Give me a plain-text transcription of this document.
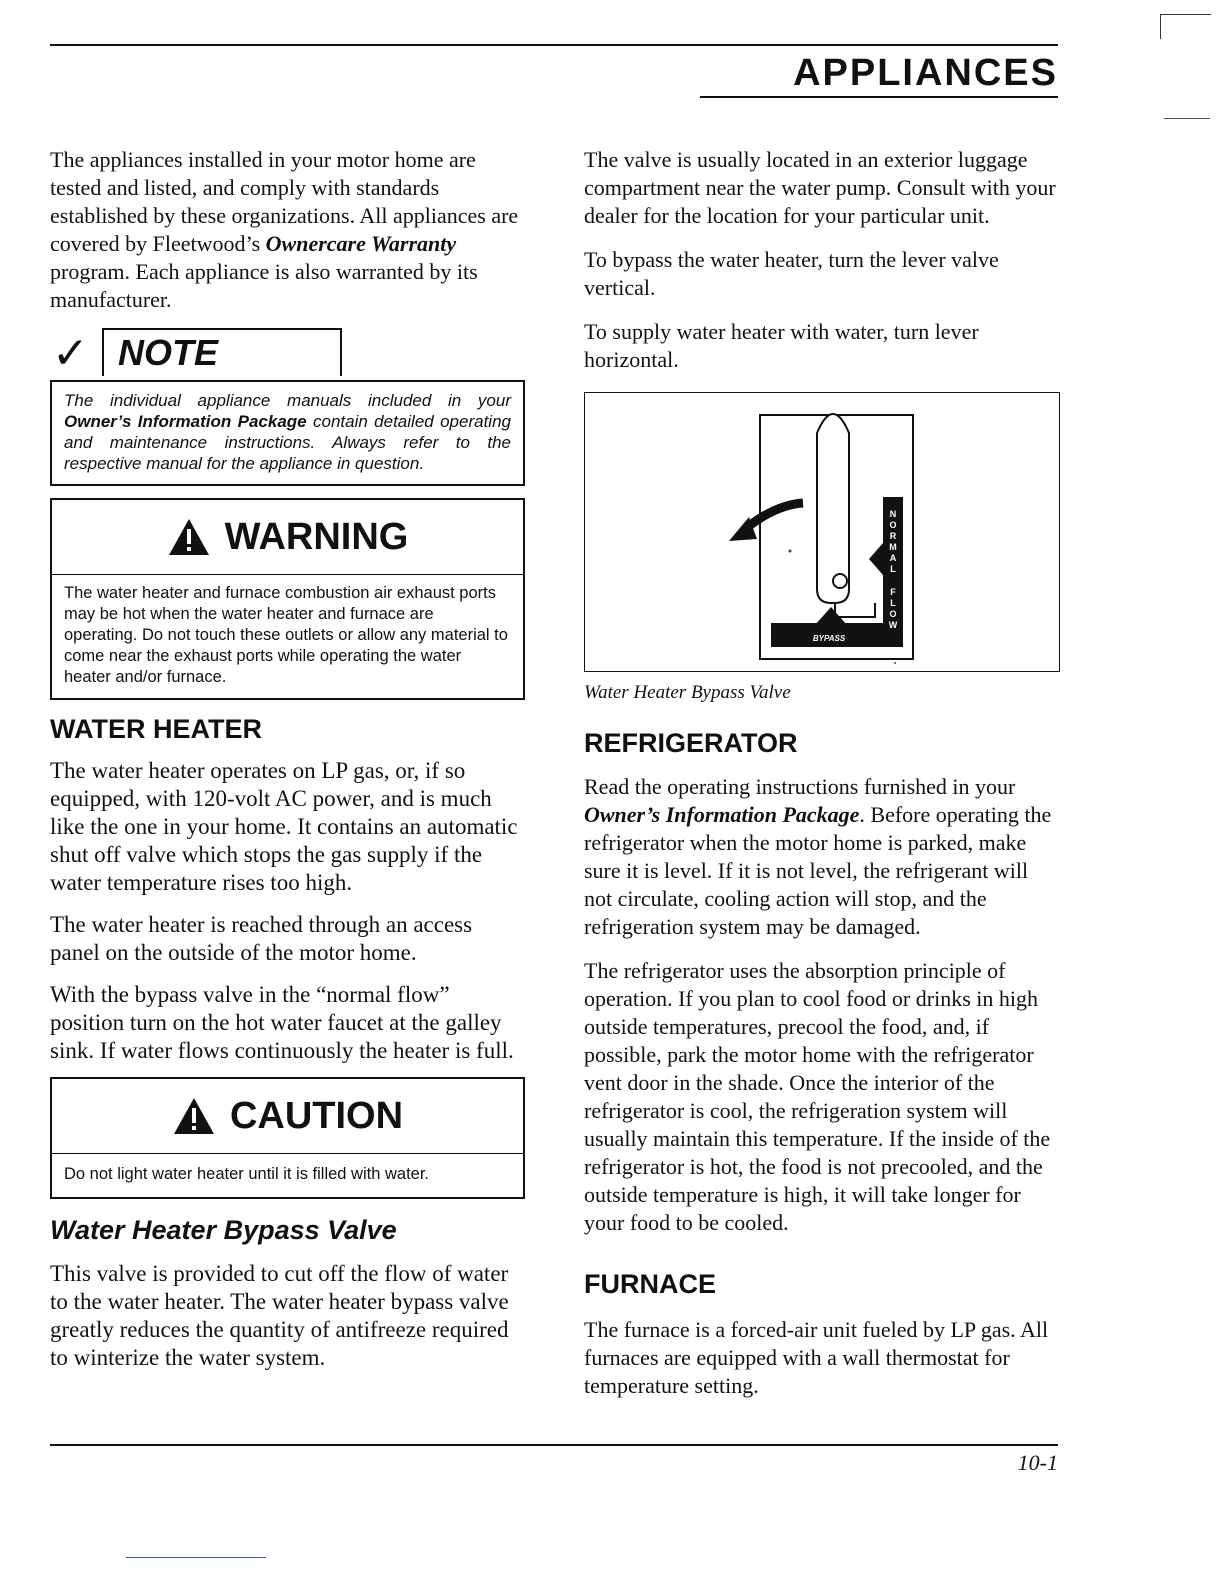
APPLIANCES

The appliances installed in your motor home are tested and listed, and comply with standards established by these organizations. All appliances are covered by Fleetwood’s Ownercare Warranty program. Each appliance is also warranted by its manufacturer.

✓ NOTE
The individual appliance manuals included in your Owner’s Information Package contain detailed operating and maintenance instructions. Always refer to the respective manual for the appliance in question.
WARNING
The water heater and furnace combustion air exhaust ports may be hot when the water heater and furnace are operating. Do not touch these outlets or allow any material to come near the exhaust ports while operating the water heater and/or furnace.
WATER HEATER

The water heater operates on LP gas, or, if so equipped, with 120-volt AC power, and is much like the one in your home. It contains an automatic shut off valve which stops the gas supply if the water temperature rises too high.

The water heater is reached through an access panel on the outside of the motor home.

With the bypass valve in the “normal flow” position turn on the hot water faucet at the galley sink. If water flows continuously the heater is full.

CAUTION
Do not light water heater until it is filled with water.
Water Heater Bypass Valve

This valve is provided to cut off the flow of water to the water heater. The water heater bypass valve greatly reduces the quantity of antifreeze required to winterize the water system.

The valve is usually located in an exterior luggage compartment near the water pump. Consult with your dealer for the location for your particular unit.

To bypass the water heater, turn the lever valve vertical.

To supply water heater with water, turn lever horizontal.

N
O
R
M
A
L
F
L
O
W
BYPASS
Water Heater Bypass Valve
REFRIGERATOR

Read the operating instructions furnished in your Owner’s Information Package. Before operating the refrigerator when the motor home is parked, make sure it is level. If it is not level, the refrigerant will not circulate, cooling action will stop, and the refrigeration system may be damaged.

The refrigerator uses the absorption principle of operation. If you plan to cool food or drinks in high outside temperatures, precool the food, and, if possible, park the motor home with the refrigerator vent door in the shade. Once the interior of the refrigerator is cool, the refrigeration system will usually maintain this temperature. If the inside of the refrigerator is hot, the food is not precooled, and the outside temperature is high, it will take longer for your food to be cooled.

FURNACE

The furnace is a forced-air unit fueled by LP gas. All furnaces are equipped with a wall thermostat for temperature setting.

10-1
